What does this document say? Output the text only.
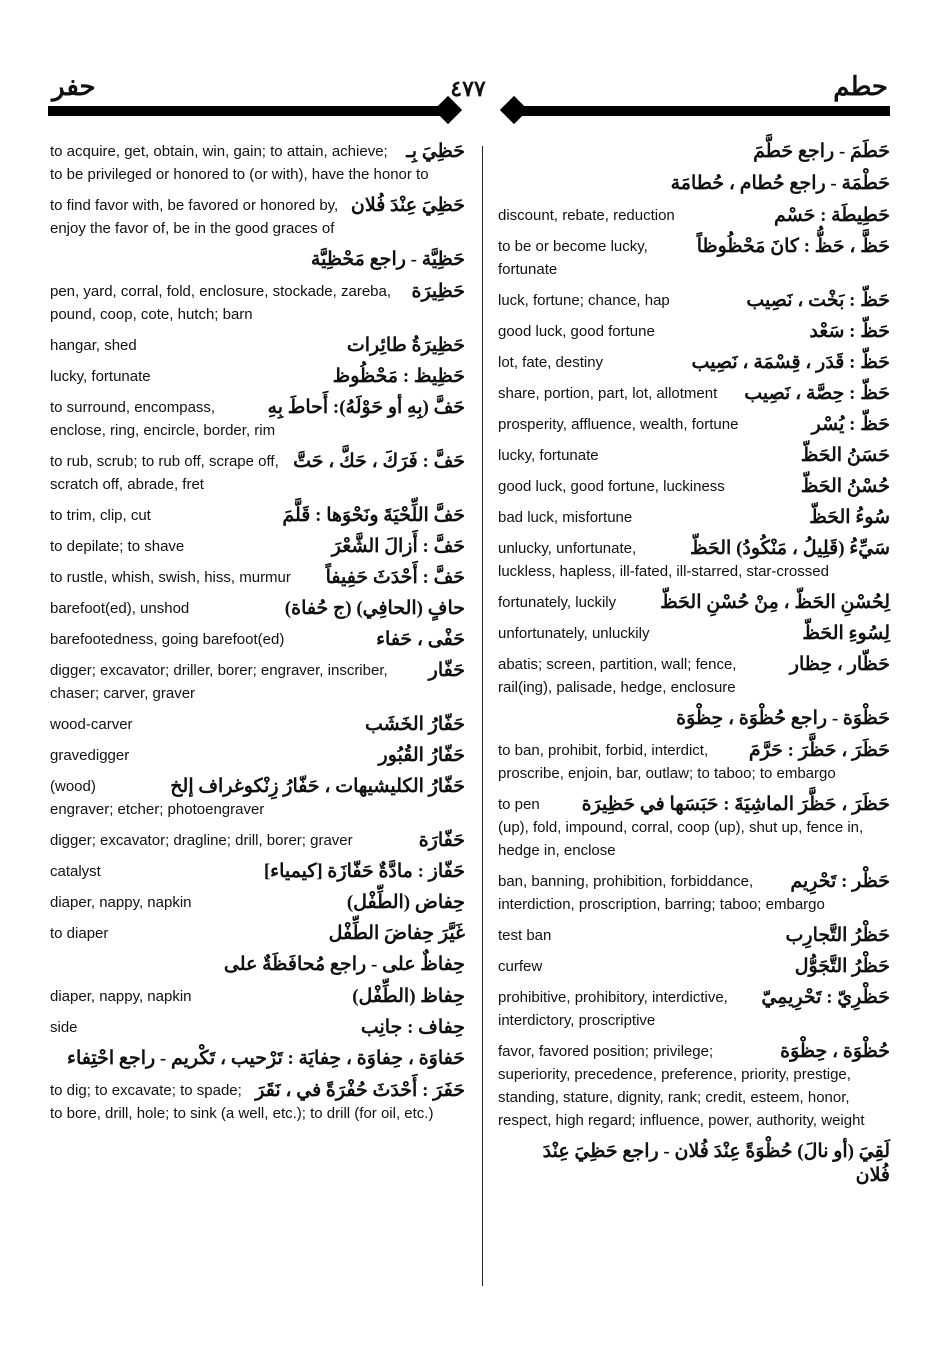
حفر	٤٧٧	حطم
حَظِيَ بِـ
to acquire, get, obtain, win, gain; to attain, achieve; to be privileged or honored to (or with), have the honor to
حَظِيَ عِنْدَ فُلان
to find favor with, be favored or honored by, enjoy the favor of, be in the good graces of
حَظِيَّة - راجع مَحْظِيَّة
حَظِيرَة
pen, yard, corral, fold, enclosure, stockade, zareba, pound, coop, cote, hutch; barn
حَظِيرَةُ طائِرات
hangar, shed
حَظِيظ : مَحْظُوظ
lucky, fortunate
حَفَّ (بِهِ أو حَوْلَهُ): أَحاطَ بِهِ
to surround, encompass, enclose, ring, encircle, border, rim
حَفَّ : فَرَكَ ، حَكَّ ، حَتَّ
to rub, scrub; to rub off, scrape off, scratch off, abrade, fret
حَفَّ اللِّحْيَةَ ونَحْوَها : قَلَّمَ
to trim, clip, cut
حَفَّ : أَزالَ الشَّعْرَ
to depilate; to shave
حَفَّ : أَحْدَثَ حَفِيفاً
to rustle, whish, swish, hiss, murmur
حافٍ (الحافِي) (ج حُفاة)
barefoot(ed), unshod
حَفْى ، حَفاء
barefootedness, going barefoot(ed)
حَفّار
digger; excavator; driller, borer; engraver, inscriber, chaser; carver, graver
حَفّارُ الخَشَب
wood-carver
حَفّارُ القُبُور
gravedigger
حَفّارُ الكليشيهات ، حَفّارُ زِنْكوغراف إلخ
(wood) engraver; etcher; photoengraver
حَفّارَة
digger; excavator; dragline; drill, borer; graver
حَفّاز : مادَّةٌ حَفّازَة [كيمياء]
catalyst
حِفاض (الطِّفْل)
diaper, nappy, napkin
غَيَّرَ حِفاضَ الطِّفْل
to diaper
حِفاظٌ على - راجع مُحافَظَةٌ على
حِفاظ (الطِّفْل)
diaper, nappy, napkin
حِفاف : جانِب
side
حَفاوَة ، حِفاوَة ، حِفايَة : تَرْحيب ، تَكْريم - راجع احْتِفاء
حَفَرَ : أَحْدَثَ حُفْرَةً في ، نَقَرَ
to dig; to excavate; to spade; to bore, drill, hole; to sink (a well, etc.); to drill (for oil, etc.)
حَطَمَ - راجع حَطَّمَ
حَطْمَة - راجع حُطام ، حُطامَة
حَطِيطَة : حَسْم
discount, rebate, reduction
حَظَّ ، حَظُّ : كانَ مَحْظُوظاً
to be or become lucky, fortunate
حَظّ : بَخْت ، نَصِيب
luck, fortune; chance, hap
حَظّ : سَعْد
good luck, good fortune
حَظّ : قَدَر ، قِسْمَة ، نَصِيب
lot, fate, destiny
حَظّ : حِصَّة ، نَصِيب
share, portion, part, lot, allotment
حَظّ : يُسْر
prosperity, affluence, wealth, fortune
حَسَنُ الحَظّ
lucky, fortunate
حُسْنُ الحَظّ
good luck, good fortune, luckiness
سُوءُ الحَظّ
bad luck, misfortune
سَيِّءُ (قَلِيلُ ، مَنْكُودُ) الحَظّ
unlucky, unfortunate, luckless, hapless, ill-fated, ill-starred, star-crossed
لِحُسْنِ الحَظّ ، مِنْ حُسْنِ الحَظّ
fortunately, luckily
لِسُوءِ الحَظّ
unfortunately, unluckily
حَظّار ، حِظار
abatis; screen, partition, wall; fence, rail(ing), palisade, hedge, enclosure
حَظْوَة - راجع حُظْوَة ، حِظْوَة
حَظَرَ ، حَظَّرَ : حَرَّمَ
to ban, prohibit, forbid, interdict, proscribe, enjoin, bar, outlaw; to taboo; to embargo
حَظَرَ ، حَظَّرَ الماشِيَةَ : حَبَسَها في حَظِيرَة
to pen (up), fold, impound, corral, coop (up), shut up, fence in, hedge in, enclose
حَظْر : تَحْرِيم
ban, banning, prohibition, forbiddance, interdiction, proscription, barring; taboo; embargo
حَظْرُ التَّجارِب
test ban
حَظْرُ التَّجَوُّل
curfew
حَظْرِيّ : تَحْرِيمِيّ
prohibitive, prohibitory, interdictive, interdictory, proscriptive
حُظْوَة ، حِظْوَة
favor, favored position; privilege; superiority, precedence, preference, priority, prestige, standing, stature, dignity, rank; credit, esteem, honor, respect, high regard; influence, power, authority, weight
لَقِيَ (أو نالَ) حُظْوَةً عِنْدَ فُلان - راجع حَظِيَ عِنْدَ فُلان
